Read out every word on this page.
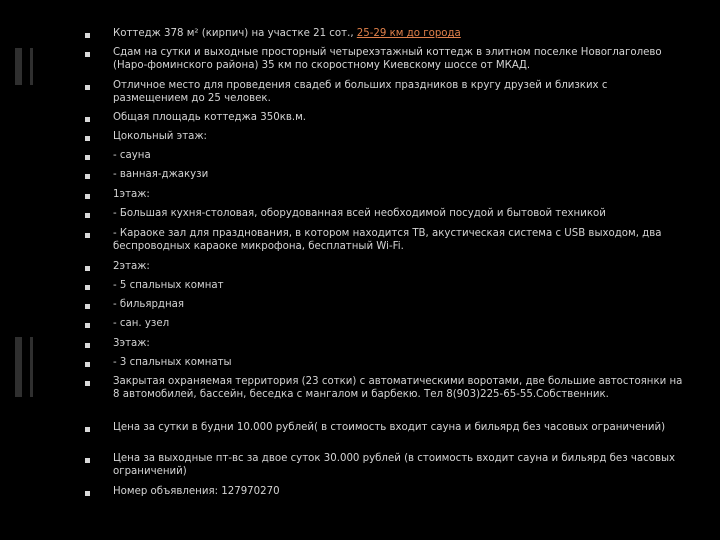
Коттедж 378 м² (кирпич) на участке 21 сот., 25-29 км до города
Сдам на сутки и выходные просторный четырехэтажный коттедж в элитном поселке Новоглаголево (Наро-фоминского района) 35 км по скоростному Киевскому шоссе от МКАД.
Отличное место для проведения свадеб и больших праздников в кругу друзей и близких с размещением до 25 человек.
Общая площадь коттеджа 350кв.м.
Цокольный этаж:
- сауна
- ванная-джакузи
1этаж:
- Большая кухня-столовая, оборудованная всей необходимой посудой и бытовой техникой
- Караоке зал для празднования, в котором находится ТВ, акустическая система с USB выходом, два беспроводных караоке микрофона, бесплатный Wi-Fi.
2этаж:
- 5 спальных комнат
- бильярдная
- сан. узел
3этаж:
- 3 спальных комнаты
Закрытая охраняемая территория (23 сотки) с автоматическими воротами, две большие автостоянки на 8 автомобилей, бассейн, беседка с мангалом и барбекю. Тел 8(903)225-65-55.Собственник.
Цена за сутки в будни 10.000 рублей( в стоимость входит сауна и бильярд без часовых ограничений)
Цена за выходные пт-вс за двое суток 30.000 рублей (в стоимость входит сауна и бильярд без часовых ограничений)
Номер объявления: 127970270
